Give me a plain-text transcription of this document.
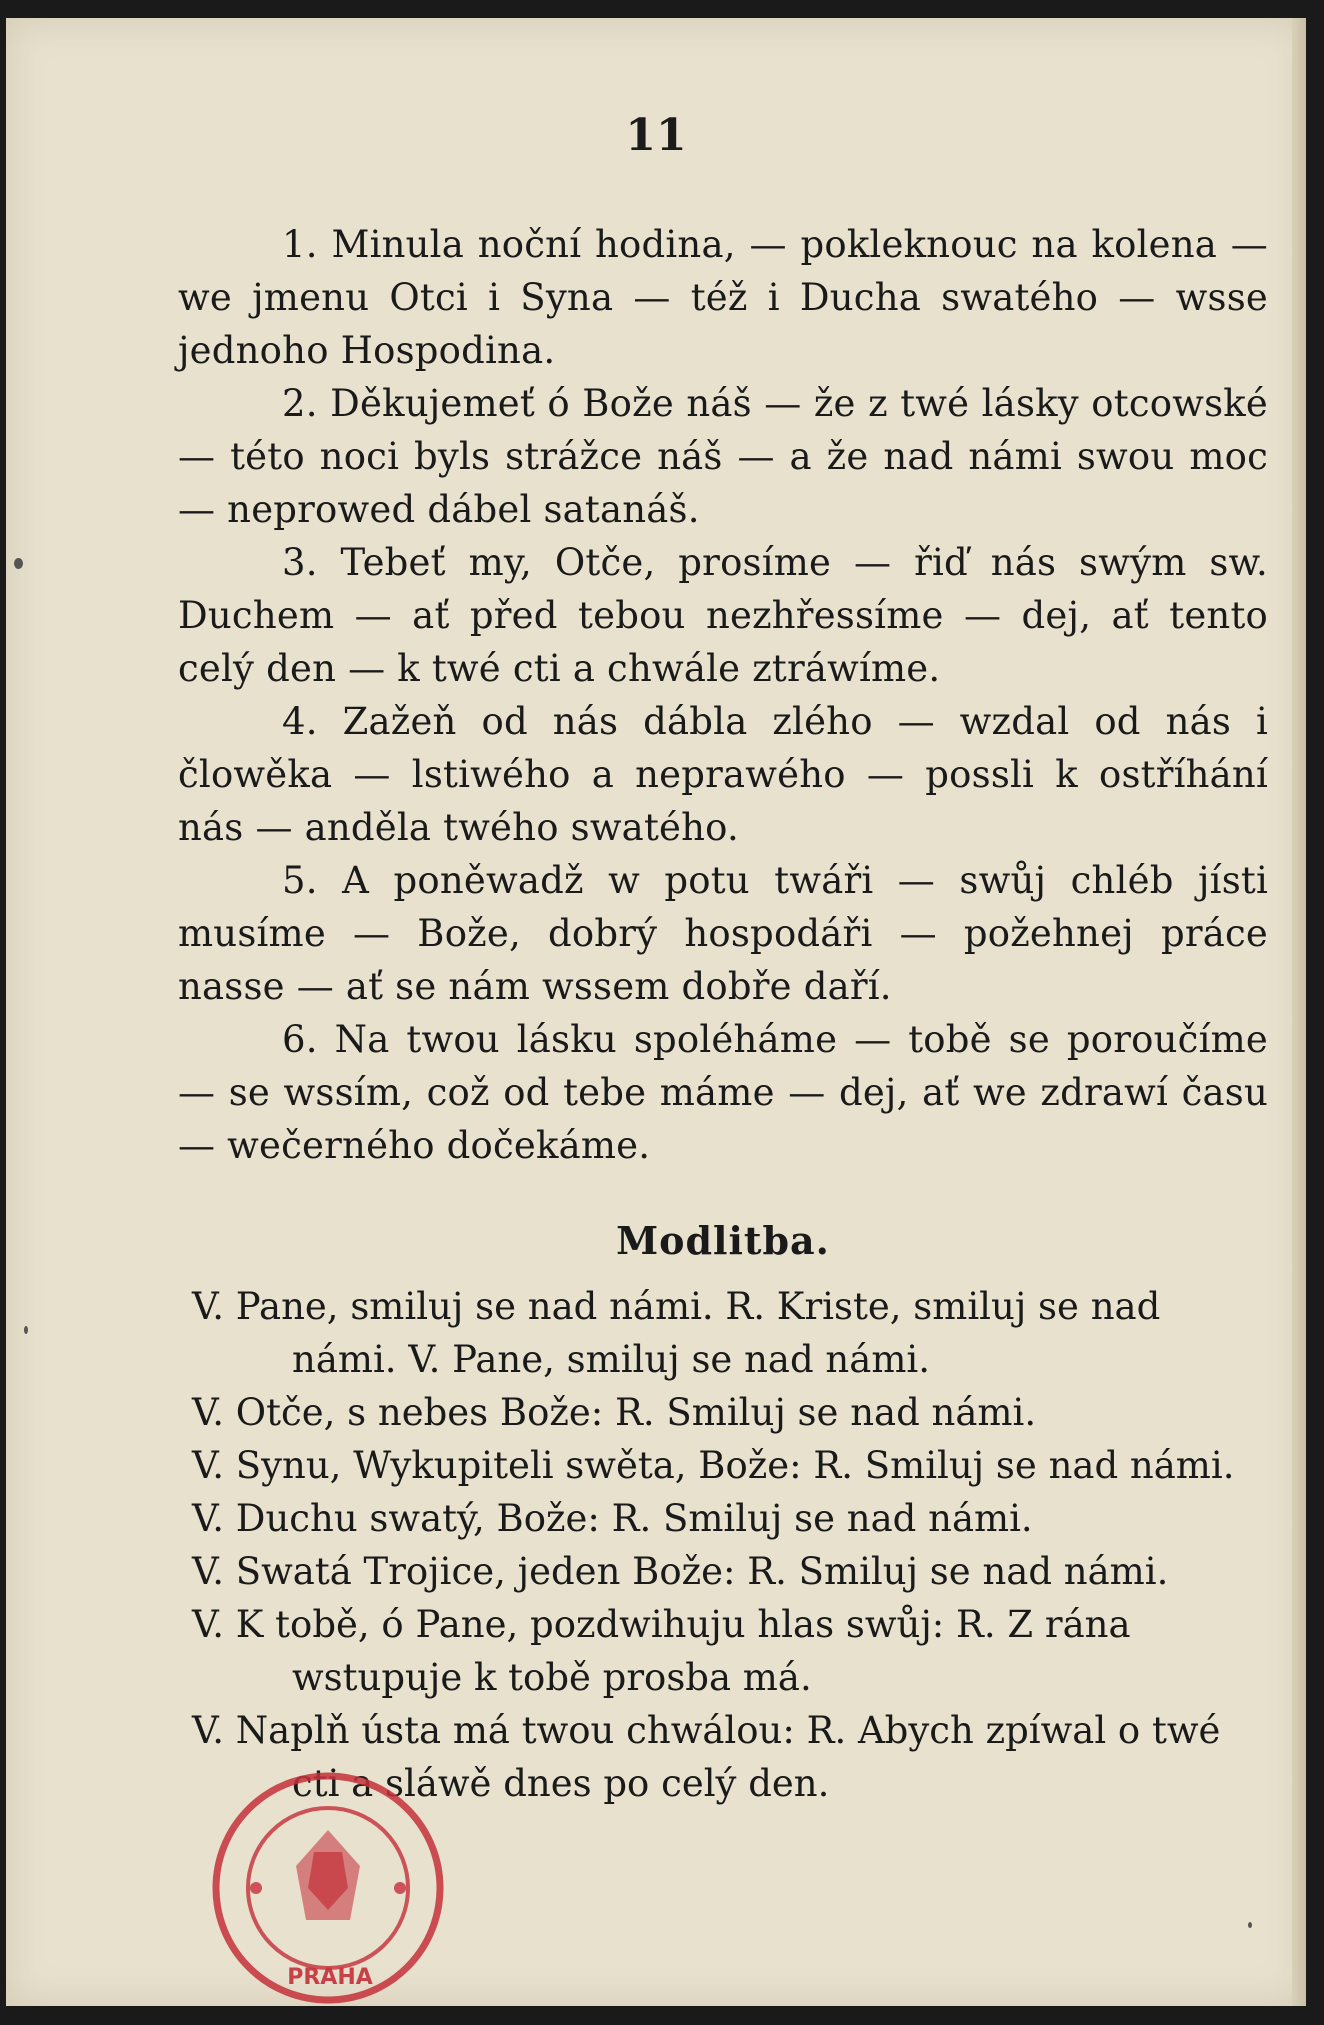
11

1. Minula noční hodina, — pokleknouc na kolena — we jmenu Otci i Syna — též i Ducha swatého — wsse jednoho Hospodina.

2. Děkujemeť ó Bože náš — že z twé lásky otcowské — této noci byls strážce náš — a že nad námi swou moc — neprowed dábel satanáš.

3. Tebeť my, Otče, prosíme — řiď nás swým sw. Duchem — ať před tebou nezhřessíme — dej, ať tento celý den — k twé cti a chwále ztráwíme.

4. Zažeň od nás dábla zlého — wzdal od nás i člowěka — lstiwého a neprawého — possli k ostříhání nás — anděla twého swatého.

5. A poněwadž w potu twáři — swůj chléb jísti musíme — Bože, dobrý hospodáři — požehnej práce nasse — ať se nám wssem dobře daří.

6. Na twou lásku spoléháme — tobě se poroučíme — se wssím, což od tebe máme — dej, ať we zdrawí času — wečerného dočekáme.

Modlitba.

V. Pane, smiluj se nad námi. R. Kriste, smiluj se nad námi. V. Pane, smiluj se nad námi.

V. Otče, s nebes Bože: R. Smiluj se nad námi.

V. Synu, Wykupiteli swěta, Bože: R. Smiluj se nad námi.

V. Duchu swatý, Bože: R. Smiluj se nad námi.

V. Swatá Trojice, jeden Bože: R. Smiluj se nad námi.

V. K tobě, ó Pane, pozdwihuju hlas swůj: R. Z rána wstupuje k tobě prosba má.

V. Naplň ústa má twou chwálou: R. Abych zpíwal o twé cti a sláwě dnes po celý den.

PRAHA
